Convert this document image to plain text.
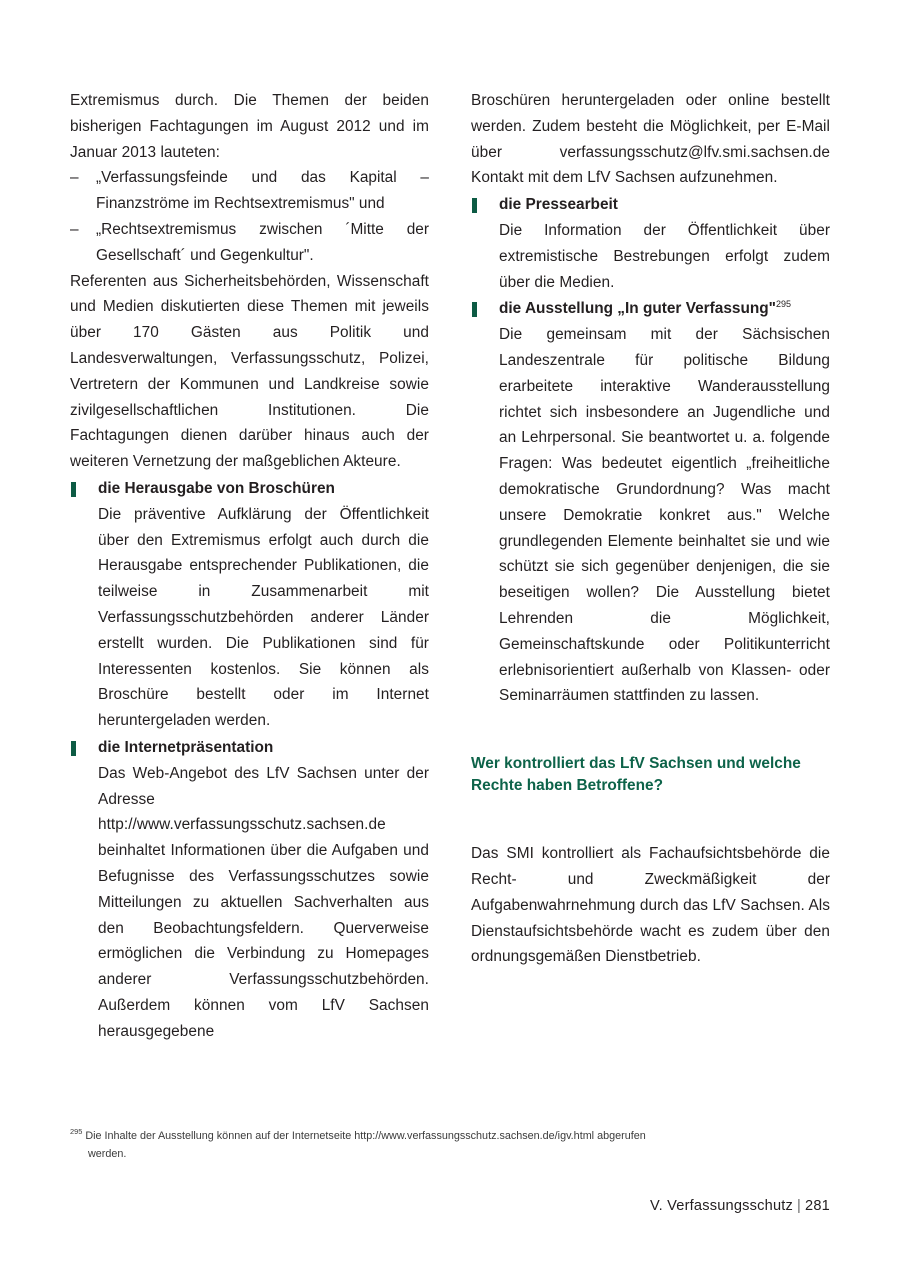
Extremismus durch. Die Themen der beiden bisherigen Fachtagungen im August 2012 und im Januar 2013 lauteten:

– „Verfassungsfeinde und das Kapital – Finanzströme im Rechtsextremismus" und
– „Rechtsextremismus zwischen ´Mitte der Gesellschaft´ und Gegenkultur".

Referenten aus Sicherheitsbehörden, Wissenschaft und Medien diskutierten diese Themen mit jeweils über 170 Gästen aus Politik und Landesverwaltungen, Verfassungsschutz, Polizei, Vertretern der Kommunen und Landkreise sowie zivilgesellschaftlichen Institutionen. Die Fachtagungen dienen darüber hinaus auch der weiteren Vernetzung der maßgeblichen Akteure.

die Herausgabe von Broschüren

Die präventive Aufklärung der Öffentlichkeit über den Extremismus erfolgt auch durch die Herausgabe entsprechender Publikationen, die teilweise in Zusammenarbeit mit Verfassungsschutzbehörden anderer Länder erstellt wurden. Die Publikationen sind für Interessenten kostenlos. Sie können als Broschüre bestellt oder im Internet heruntergeladen werden.

die Internetpräsentation

Das Web-Angebot des LfV Sachsen unter der Adresse http://www.verfassungsschutz.sachsen.de beinhaltet Informationen über die Aufgaben und Befugnisse des Verfassungsschutzes sowie Mitteilungen zu aktuellen Sachverhalten aus den Beobachtungsfeldern. Querverweise ermöglichen die Verbindung zu Homepages anderer Verfassungsschutzbehörden. Außerdem können vom LfV Sachsen herausgegebene

Broschüren heruntergeladen oder online bestellt werden. Zudem besteht die Möglichkeit, per E-Mail über verfassungsschutz@lfv.smi.sachsen.de Kontakt mit dem LfV Sachsen aufzunehmen.

die Pressearbeit

Die Information der Öffentlichkeit über extremistische Bestrebungen erfolgt zudem über die Medien.

die Ausstellung „In guter Verfassung"$^{295}$

Die gemeinsam mit der Sächsischen Landeszentrale für politische Bildung erarbeitete interaktive Wanderausstellung richtet sich insbesondere an Jugendliche und an Lehrpersonal. Sie beantwortet u. a. folgende Fragen: Was bedeutet eigentlich „freiheitliche demokratische Grundordnung? Was macht unsere Demokratie konkret aus." Welche grundlegenden Elemente beinhaltet sie und wie schützt sie sich gegenüber denjenigen, die sie beseitigen wollen? Die Ausstellung bietet Lehrenden die Möglichkeit, Gemeinschaftskunde oder Politikunterricht erlebnisorientiert außerhalb von Klassen- oder Seminarräumen stattfinden zu lassen.

Wer kontrolliert das LfV Sachsen und welche Rechte haben Betroffene?

Das SMI kontrolliert als Fachaufsichtsbehörde die Recht- und Zweckmäßigkeit der Aufgabenwahrnehmung durch das LfV Sachsen. Als Dienstaufsichtsbehörde wacht es zudem über den ordnungsgemäßen Dienstbetrieb.

$^{295}$ Die Inhalte der Ausstellung können auf der Internetseite http://www.verfassungsschutz.sachsen.de/igv.html abgerufen
werden.
V. Verfassungsschutz | 281
